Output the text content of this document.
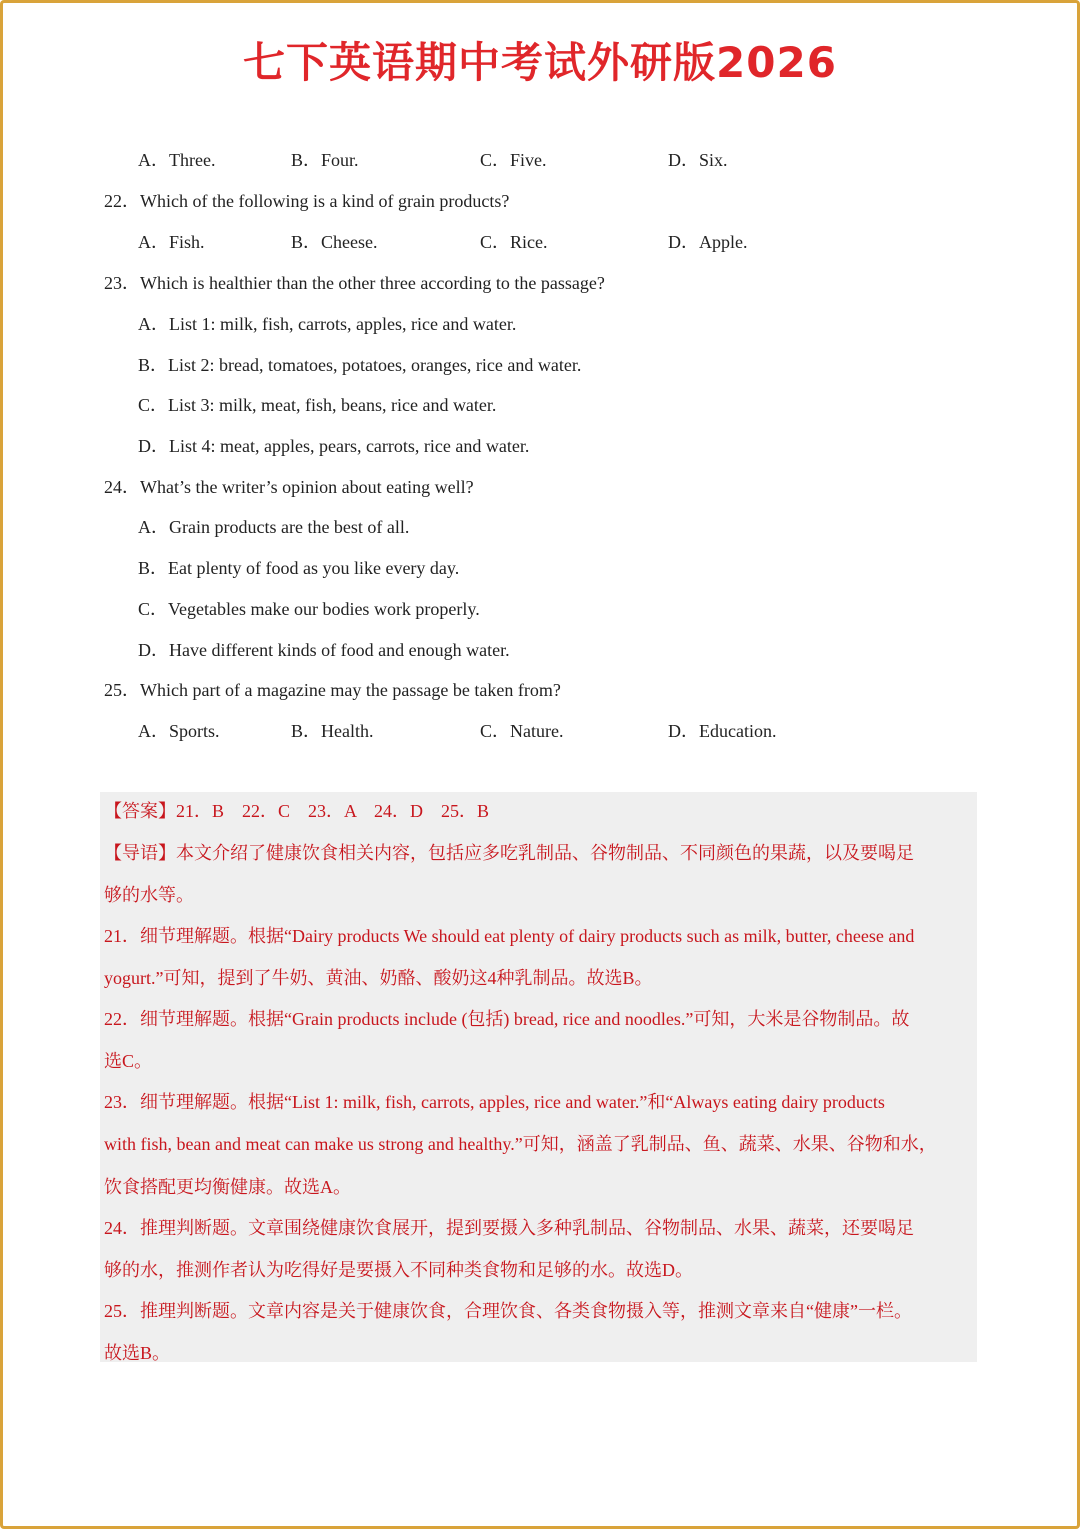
七下英语期中考试外研版2026
A．Three.	B．Four.	C．Five.	D．Six.
22．Which of the following is a kind of grain products?
A．Fish.	B．Cheese.	C．Rice.	D．Apple.
23．Which is healthier than the other three according to the passage?
A．List 1: milk, fish, carrots, apples, rice and water.
B．List 2: bread, tomatoes, potatoes, oranges, rice and water.
C．List 3: milk, meat, fish, beans, rice and water.
D．List 4: meat, apples, pears, carrots, rice and water.
24．What’s the writer’s opinion about eating well?
A．Grain products are the best of all.
B．Eat plenty of food as you like every day.
C．Vegetables make our bodies work properly.
D．Have different kinds of food and enough water.
25．Which part of a magazine may the passage be taken from?
A．Sports.	B．Health.	C．Nature.	D．Education.
【答案】21．B　22．C　23．A　24．D　25．B
【导语】本文介绍了健康饮食相关内容，包括应多吃乳制品、谷物制品、不同颜色的果蔬，以及要喝足
够的水等。
21．细节理解题。根据“Dairy products We should eat plenty of dairy products such as milk, butter, cheese and
yogurt.”可知，提到了牛奶、黄油、奶酪、酸奶这4种乳制品。故选B。
22．细节理解题。根据“Grain products include (包括) bread, rice and noodles.”可知，大米是谷物制品。故
选C。
23．细节理解题。根据“List 1: milk, fish, carrots, apples, rice and water.”和“Always eating dairy products
with fish, bean and meat can make us strong and healthy.”可知，涵盖了乳制品、鱼、蔬菜、水果、谷物和水，
饮食搭配更均衡健康。故选A。
24．推理判断题。文章围绕健康饮食展开，提到要摄入多种乳制品、谷物制品、水果、蔬菜，还要喝足
够的水，推测作者认为吃得好是要摄入不同种类食物和足够的水。故选D。
25．推理判断题。文章内容是关于健康饮食，合理饮食、各类食物摄入等，推测文章来自“健康”一栏。
故选B。
